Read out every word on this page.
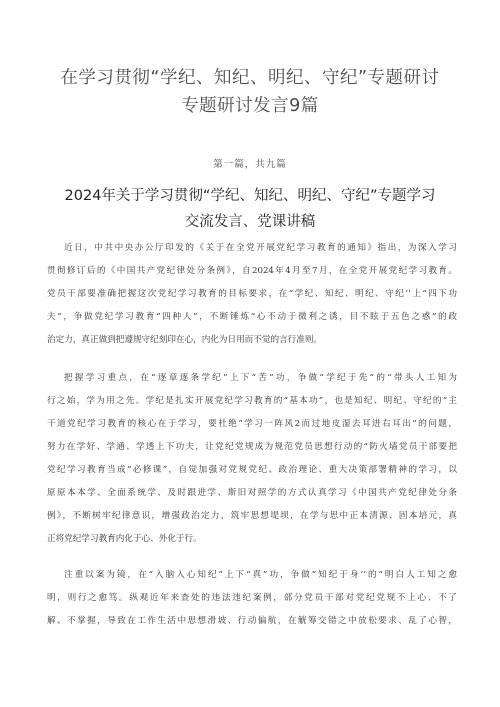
在学习贯彻“学纪、知纪、明纪、守纪”专题研讨
专题研讨发言9篇
第一篇，共九篇
2024年关于学习贯彻“学纪、知纪、明纪、守纪”专题学习
交流发言、党课讲稿
近日，中共中央办公厅印发的《关于在全党开展党纪学习教育的通知》指出，为深入学习
贯彻修订后的《中国共产党纪律处分条例》，自2024年4月至7月，在全党开展党纪学习教育。
党员干部要准确把握这次党纪学习教育的目标要求，在“学纪、知纪、明纪、守纪’’上“四下功
夫”，争做党纪学习教育“四种人”，不断锤炼“心不动于微利之诱，目不眩于五色之惑”的政
治定力，真正做到把遵规守纪刻印在心，内化为日用而不觉的言行准则。
把握学习重点，在“逐章逐条学纪”上下“苦”功，争做“学纪于先”的“带头人工知为
行之始，学为用之先。学纪是扎实开展党纪学习教育的“基本功”，也是知纪、明纪、守纪的“主
干道党纪学习教育的核心在于学习，要杜绝“学习一阵风2而过地皮湿去耳进右耳出”的问题，
努力在学好、学通、学透上下功夫，让党纪党规成为规范党员思想行动的“防火墙党员干部要把
党纪学习教育当成“必修课”，自觉加强对党规党纪、政治理论、重大决策部署精神的学习，以
原原本本学、全面系统学、及时跟进学、斯旧对照学的方式认真学习《中国共产党纪律处分条
例》，不断树牢纪律意识，增强政治定力，筑牢思想堤坝，在学与思中正本清源、固本培元，真
正将党纪学习教育内化于心、外化于行。
注重以案为镜，在“入脑入心知纪”上下“真”功，争做“知纪于身’’的“明白人工知之愈
明，则行之愈笃。纵观近年来查处的违法违纪案例，部分党员干部对党纪党规不上心、不了
解、不掌握，导致在工作生活中思想滑坡、行动偏航，在觥筹交错之中放松要求、乱了心智，
